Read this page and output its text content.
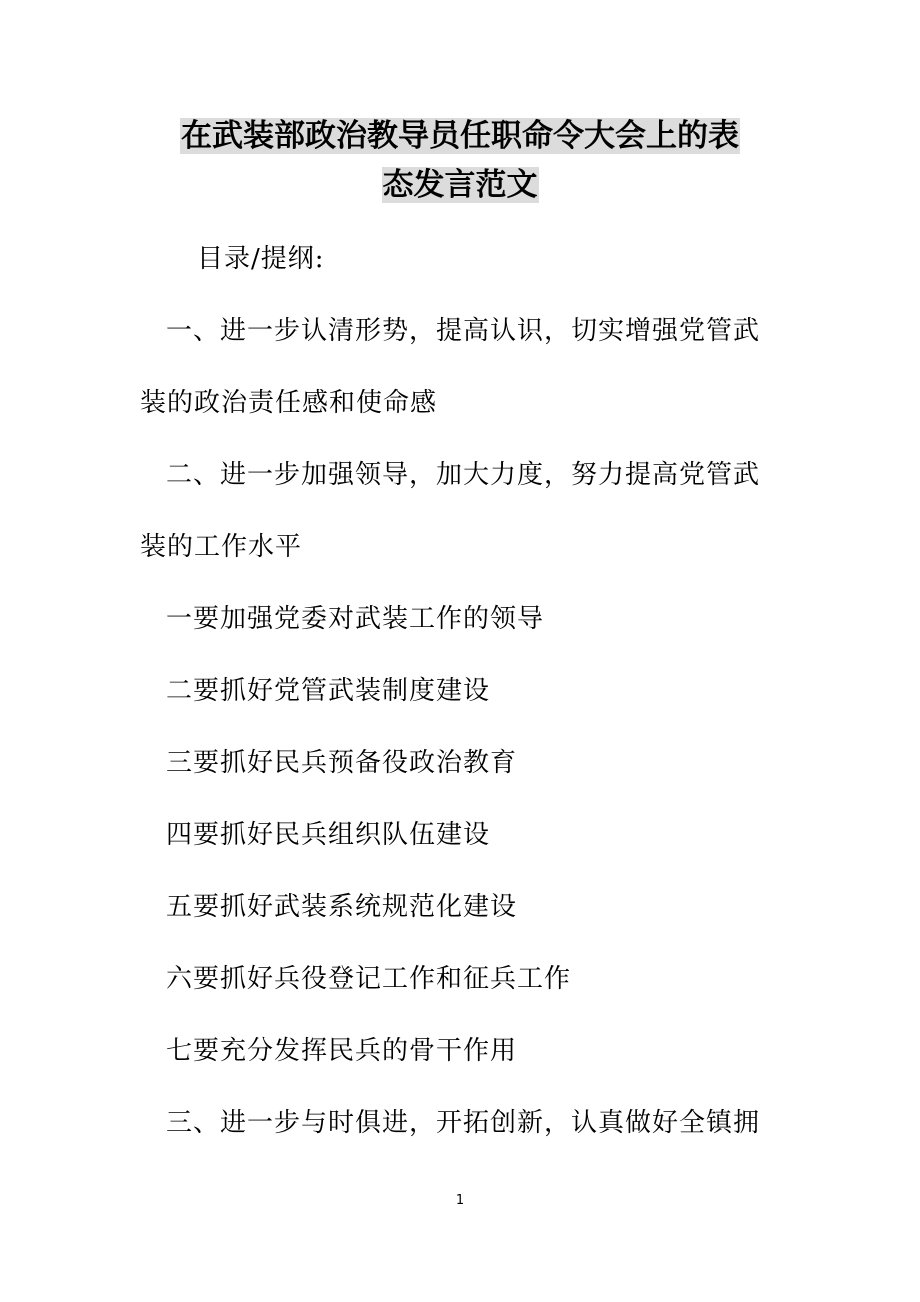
在武装部政治教导员任职命令大会上的表
态发言范文
目录/提纲:
一、进一步认清形势，提高认识，切实增强党管武
装的政治责任感和使命感
二、进一步加强领导，加大力度，努力提高党管武
装的工作水平
一要加强党委对武装工作的领导
二要抓好党管武装制度建设
三要抓好民兵预备役政治教育
四要抓好民兵组织队伍建设
五要抓好武装系统规范化建设
六要抓好兵役登记工作和征兵工作
七要充分发挥民兵的骨干作用
三、进一步与时俱进，开拓创新，认真做好全镇拥
1
